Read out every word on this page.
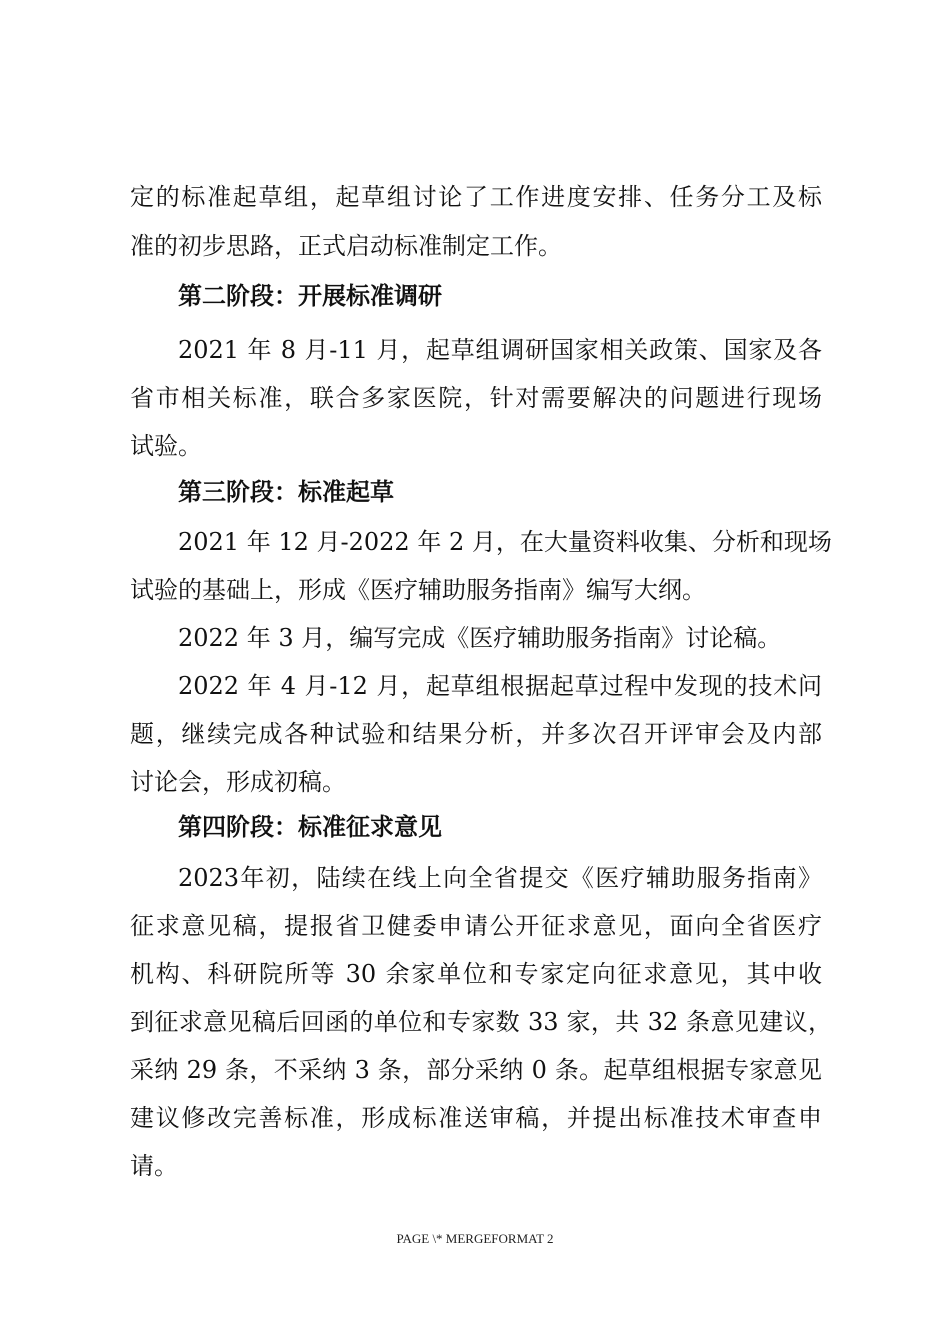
定的标准起草组，起草组讨论了工作进度安排、任务分工及标
准的初步思路，正式启动标准制定工作。
第二阶段：开展标准调研
2021 年 8 月-11 月，起草组调研国家相关政策、国家及各
省市相关标准，联合多家医院，针对需要解决的问题进行现场
试验。
第三阶段：标准起草
2021 年 12 月-2022 年 2 月，在大量资料收集、分析和现场
试验的基础上，形成《医疗辅助服务指南》编写大纲。
2022 年 3 月，编写完成《医疗辅助服务指南》讨论稿。
2022 年 4 月-12 月，起草组根据起草过程中发现的技术问
题，继续完成各种试验和结果分析，并多次召开评审会及内部
讨论会，形成初稿。
第四阶段：标准征求意见
2023年初，陆续在线上向全省提交《医疗辅助服务指南》
征求意见稿，提报省卫健委申请公开征求意见，面向全省医疗
机构、科研院所等 30 余家单位和专家定向征求意见，其中收
到征求意见稿后回函的单位和专家数 33 家，共 32 条意见建议，
采纳 29 条，不采纳 3 条，部分采纳 0 条。起草组根据专家意见
建议修改完善标准，形成标准送审稿，并提出标准技术审查申
请。
PAGE \* MERGEFORMAT 2
